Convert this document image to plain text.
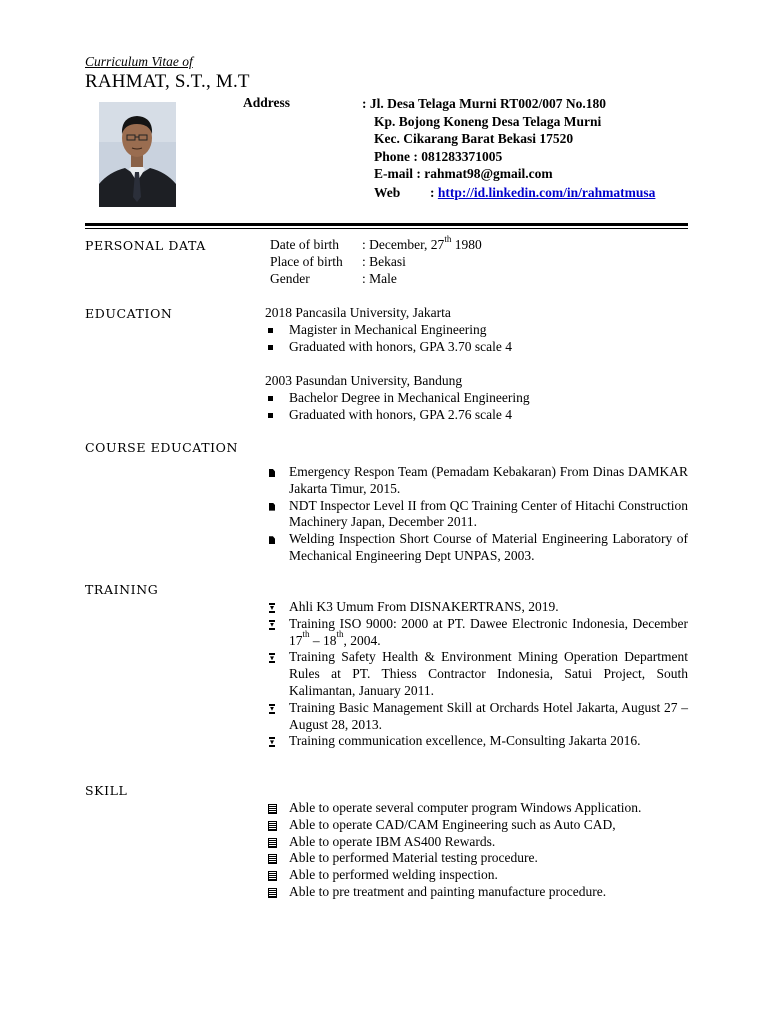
Curriculum Vitae of
RAHMAT, S.T., M.T
Address	: Jl. Desa Telaga Murni RT002/007 No.180
Kp. Bojong Koneng Desa Telaga Murni
Kec. Cikarang Barat Bekasi 17520
Phone : 081283371005
E-mail : rahmat98@gmail.com
Web : http://id.linkedin.com/in/rahmatmusa
PERSONAL DATA	Date of birth : December, 27th 1980
Place of birth : Bekasi
Gender	: Male
EDUCATION	2018 Pancasila University, Jakarta
Magister in Mechanical Engineering
Graduated with honors, GPA 3.70 scale 4
2003 Pasundan University, Bandung
Bachelor Degree in Mechanical Engineering
Graduated with honors, GPA 2.76 scale 4
COURSE EDUCATION
Emergency Respon Team (Pemadam Kebakaran) From Dinas DAMKAR Jakarta Timur, 2015.
NDT Inspector Level II from QC Training Center of Hitachi Construction Machinery Japan, December 2011.
Welding Inspection Short Course of Material Engineering Laboratory of Mechanical Engineering Dept UNPAS, 2003.
TRAINING
Ahli K3 Umum From DISNAKERTRANS, 2019.
Training ISO 9000: 2000 at PT. Dawee Electronic Indonesia, December 17th – 18th, 2004.
Training Safety Health & Environment Mining Operation Department Rules at PT. Thiess Contractor Indonesia, Satui Project, South Kalimantan, January 2011.
Training Basic Management Skill at Orchards Hotel Jakarta, August 27 – August 28, 2013.
Training communication excellence, M-Consulting Jakarta 2016.
SKILL
Able to operate several computer program Windows Application.
Able to operate CAD/CAM Engineering such as Auto CAD,
Able to operate IBM AS400 Rewards.
Able to performed Material testing procedure.
Able to performed welding inspection.
Able to pre treatment and painting manufacture procedure.
